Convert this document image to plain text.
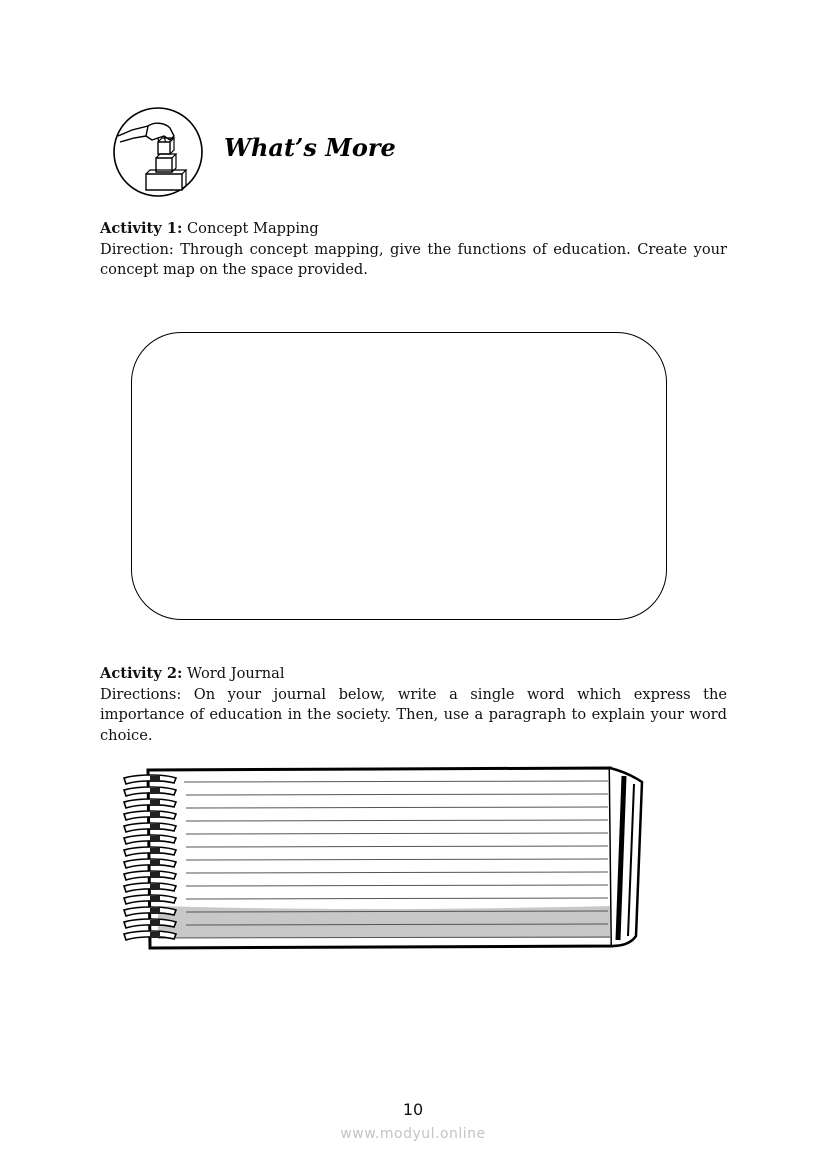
What’s More
Activity 1: Concept Mapping
Direction: Through concept mapping, give the functions of education. Create your concept map on the space provided.
Activity 2: Word Journal
Directions: On your journal below, write a single word which express the importance of education in the society. Then, use a paragraph to explain your word choice.
10
www.modyul.online
